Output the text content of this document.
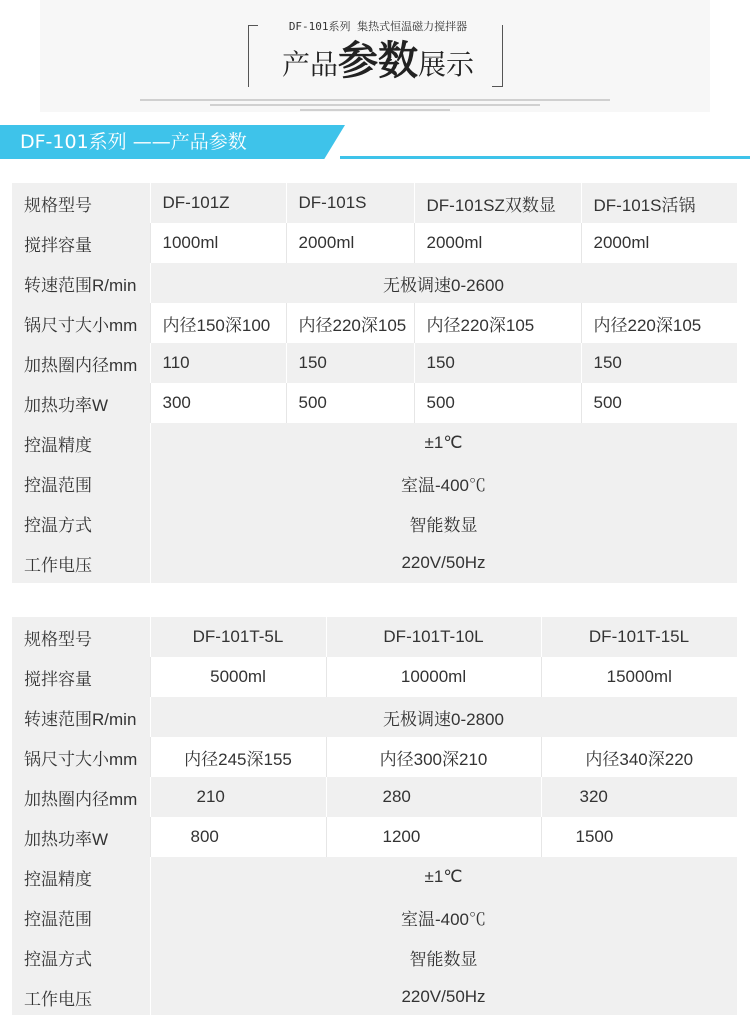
DF-101系列 集热式恒温磁力搅拌器
产品参数展示
DF-101系列 ——产品参数
规格型号	DF-101Z	DF-101S	DF-101SZ双数显	DF-101S活锅
搅拌容量	1000ml	2000ml	2000ml	2000ml
转速范围R/min	无极调速0-2600			
锅尺寸大小mm	内径150深100	内径220深105	内径220深105	内径220深105
加热圈内径mm	110	150	150	150
加热功率W	300	500	500	500
控温精度	±1℃			
控温范围	室温-400℃			
控温方式	智能数显			
工作电压	220V/50Hz			
规格型号	DF-101T-5L	DF-101T-10L	DF-101T-15L
搅拌容量	5000ml	10000ml	15000ml
转速范围R/min	无极调速0-2800		
锅尺寸大小mm	内径245深155	内径300深210	内径340深220
加热圈内径mm	210	280	320
加热功率W	800	1200	1500
控温精度	±1℃		
控温范围	室温-400℃		
控温方式	智能数显		
工作电压	220V/50Hz		
